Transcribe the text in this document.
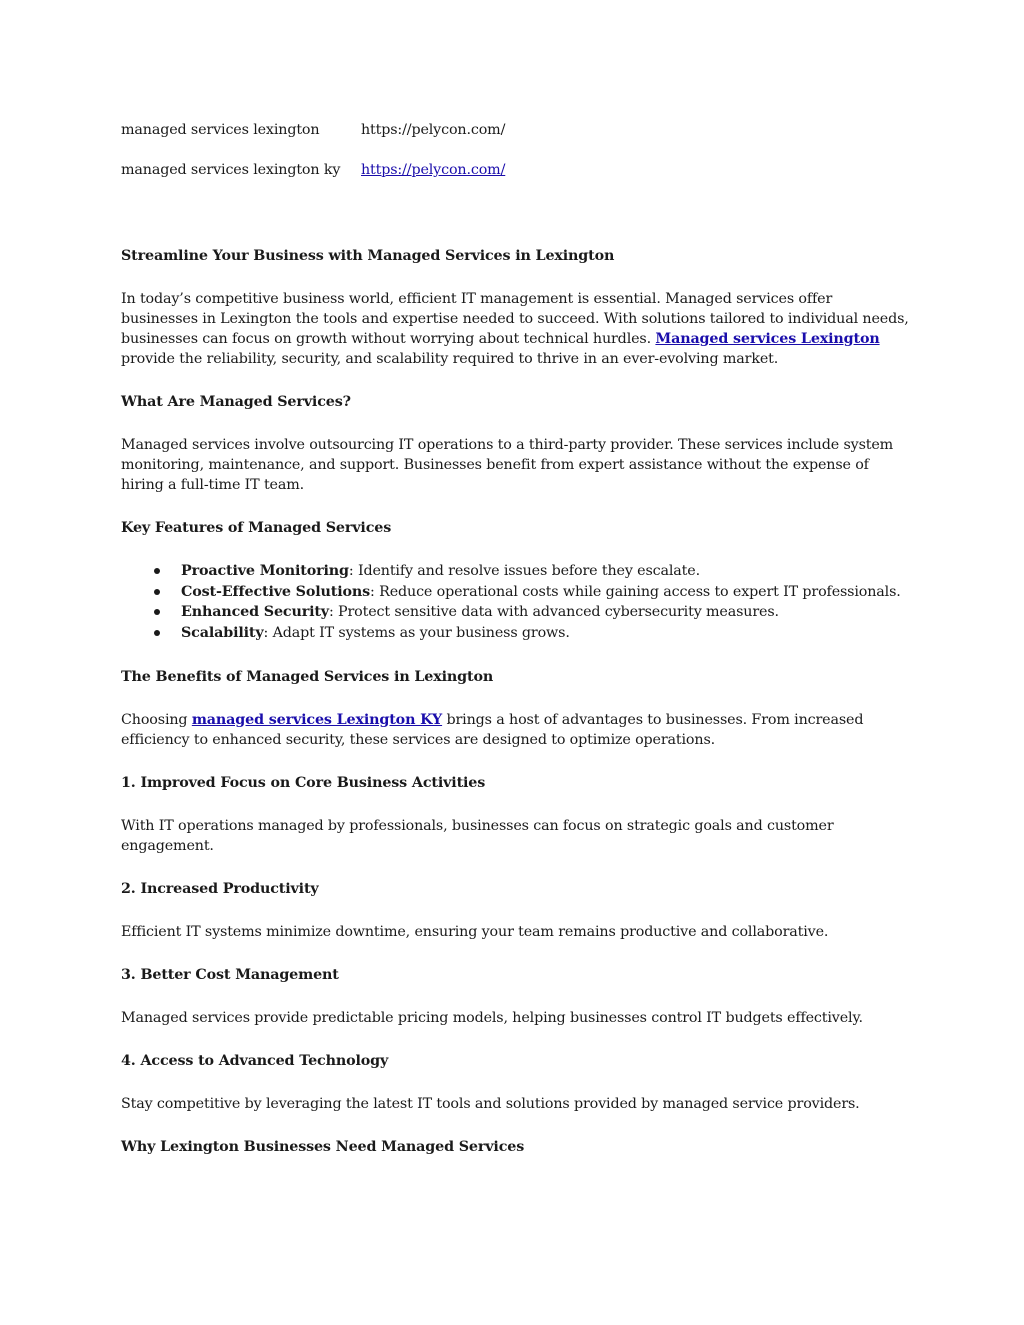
managed services lexington	https://pelycon.com/
managed services lexington ky	https://pelycon.com/
Streamline Your Business with Managed Services in Lexington

In today’s competitive business world, efficient IT management is essential. Managed services offer businesses in Lexington the tools and expertise needed to succeed. With solutions tailored to individual needs, businesses can focus on growth without worrying about technical hurdles. Managed services Lexington provide the reliability, security, and scalability required to thrive in an ever-evolving market.

What Are Managed Services?

Managed services involve outsourcing IT operations to a third-party provider. These services include system monitoring, maintenance, and support. Businesses benefit from expert assistance without the expense of hiring a full-time IT team.

Key Features of Managed Services
Proactive Monitoring: Identify and resolve issues before they escalate.
Cost-Effective Solutions: Reduce operational costs while gaining access to expert IT professionals.
Enhanced Security: Protect sensitive data with advanced cybersecurity measures.
Scalability: Adapt IT systems as your business grows.
The Benefits of Managed Services in Lexington

Choosing managed services Lexington KY brings a host of advantages to businesses. From increased efficiency to enhanced security, these services are designed to optimize operations.

1. Improved Focus on Core Business Activities

With IT operations managed by professionals, businesses can focus on strategic goals and customer engagement.

2. Increased Productivity

Efficient IT systems minimize downtime, ensuring your team remains productive and collaborative.

3. Better Cost Management

Managed services provide predictable pricing models, helping businesses control IT budgets effectively.

4. Access to Advanced Technology

Stay competitive by leveraging the latest IT tools and solutions provided by managed service providers.

Why Lexington Businesses Need Managed Services
